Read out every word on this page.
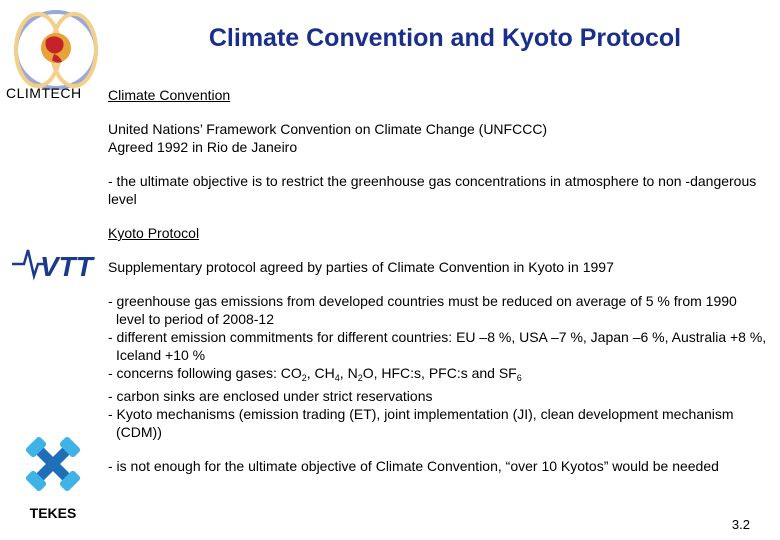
CLIMTECH
VTT
TEKES
Climate Convention and Kyoto Protocol

Climate Convention

United Nations’ Framework Convention on Climate Change (UNFCCC)

Agreed 1992 in Rio de Janeiro

- the ultimate objective is to restrict the greenhouse gas concentrations in atmosphere to non -dangerous level

Kyoto Protocol

Supplementary protocol agreed by parties of Climate Convention in Kyoto in 1997

- greenhouse gas emissions from developed countries must be reduced on average of 5 % from 1990 level to period of 2008-12

- different emission commitments for different countries: EU –8 %, USA –7 %, Japan –6 %, Australia +8 %, Iceland +10 %

- concerns following gases: $CO_2$, $CH_4$, $N_2O$, HFC:s, PFC:s and $SF_6$

- carbon sinks are enclosed under strict reservations

- Kyoto mechanisms (emission trading (ET), joint implementation (JI), clean development mechanism (CDM))

- is not enough for the ultimate objective of Climate Convention, “over 10 Kyotos” would be needed

3.2
